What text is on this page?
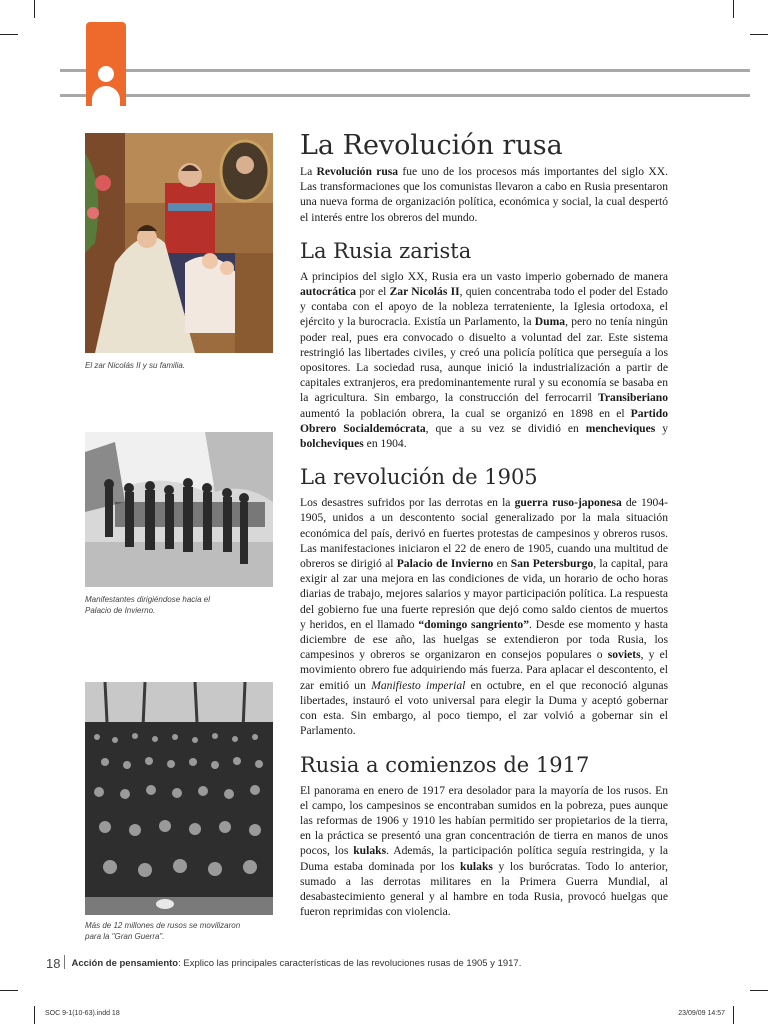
El zar Nicolás II y su familia.
Manifestantes dirigiéndose hacia el Palacio de Invierno.
Más de 12 millones de rusos se movilizaron para la "Gran Guerra".
La Revolución rusa

La Revolución rusa fue uno de los procesos más importantes del siglo XX. Las transformaciones que los comunistas llevaron a cabo en Rusia presentaron una nueva forma de organización política, económica y social, la cual despertó el interés entre los obreros del mundo.

La Rusia zarista

A principios del siglo XX, Rusia era un vasto imperio gobernado de manera autocrática por el Zar Nicolás II, quien concentraba todo el poder del Estado y contaba con el apoyo de la nobleza terrateniente, la Iglesia ortodoxa, el ejército y la burocracia. Existía un Parlamento, la Duma, pero no tenía ningún poder real, pues era convocado o disuelto a voluntad del zar. Este sistema restringió las libertades civiles, y creó una policía política que perseguía a los opositores. La sociedad rusa, aunque inició la industrialización a partir de capitales extranjeros, era predominantemente rural y su economía se basaba en la agricultura. Sin embargo, la construcción del ferrocarril Transiberiano aumentó la población obrera, la cual se organizó en 1898 en el Partido Obrero Socialdemócrata, que a su vez se dividió en mencheviques y bolcheviques en 1904.

La revolución de 1905

Los desastres sufridos por las derrotas en la guerra ruso-japonesa de 1904-1905, unidos a un descontento social generalizado por la mala situación económica del país, derivó en fuertes protestas de campesinos y obreros rusos. Las manifestaciones iniciaron el 22 de enero de 1905, cuando una multitud de obreros se dirigió al Palacio de Invierno en San Petersburgo, la capital, para exigir al zar una mejora en las condiciones de vida, un horario de ocho horas diarias de trabajo, mejores salarios y mayor participación política. La respuesta del gobierno fue una fuerte represión que dejó como saldo cientos de muertos y heridos, en el llamado “domingo sangriento”. Desde ese momento y hasta diciembre de ese año, las huelgas se extendieron por toda Rusia, los campesinos y obreros se organizaron en consejos populares o soviets, y el movimiento obrero fue adquiriendo más fuerza. Para aplacar el descontento, el zar emitió un Manifiesto imperial en octubre, en el que reconoció algunas libertades, instauró el voto universal para elegir la Duma y aceptó gobernar con esta. Sin embargo, al poco tiempo, el zar volvió a gobernar sin el Parlamento.

Rusia a comienzos de 1917

El panorama en enero de 1917 era desolador para la mayoría de los rusos. En el campo, los campesinos se encontraban sumidos en la pobreza, pues aunque las reformas de 1906 y 1910 les habían permitido ser propietarios de la tierra, en la práctica se presentó una gran concentración de tierra en manos de unos pocos, los kulaks. Además, la participación política seguía restringida, y la Duma estaba dominada por los kulaks y los burócratas. Todo lo anterior, sumado a las derrotas militares en la Primera Guerra Mundial, al desabastecimiento general y al hambre en toda Rusia, provocó huelgas que fueron reprimidas con violencia.

18 Acción de pensamiento: Explico las principales características de las revoluciones rusas de 1905 y 1917.
SOC 9-1(10-63).indd 18	23/09/09 14:57
